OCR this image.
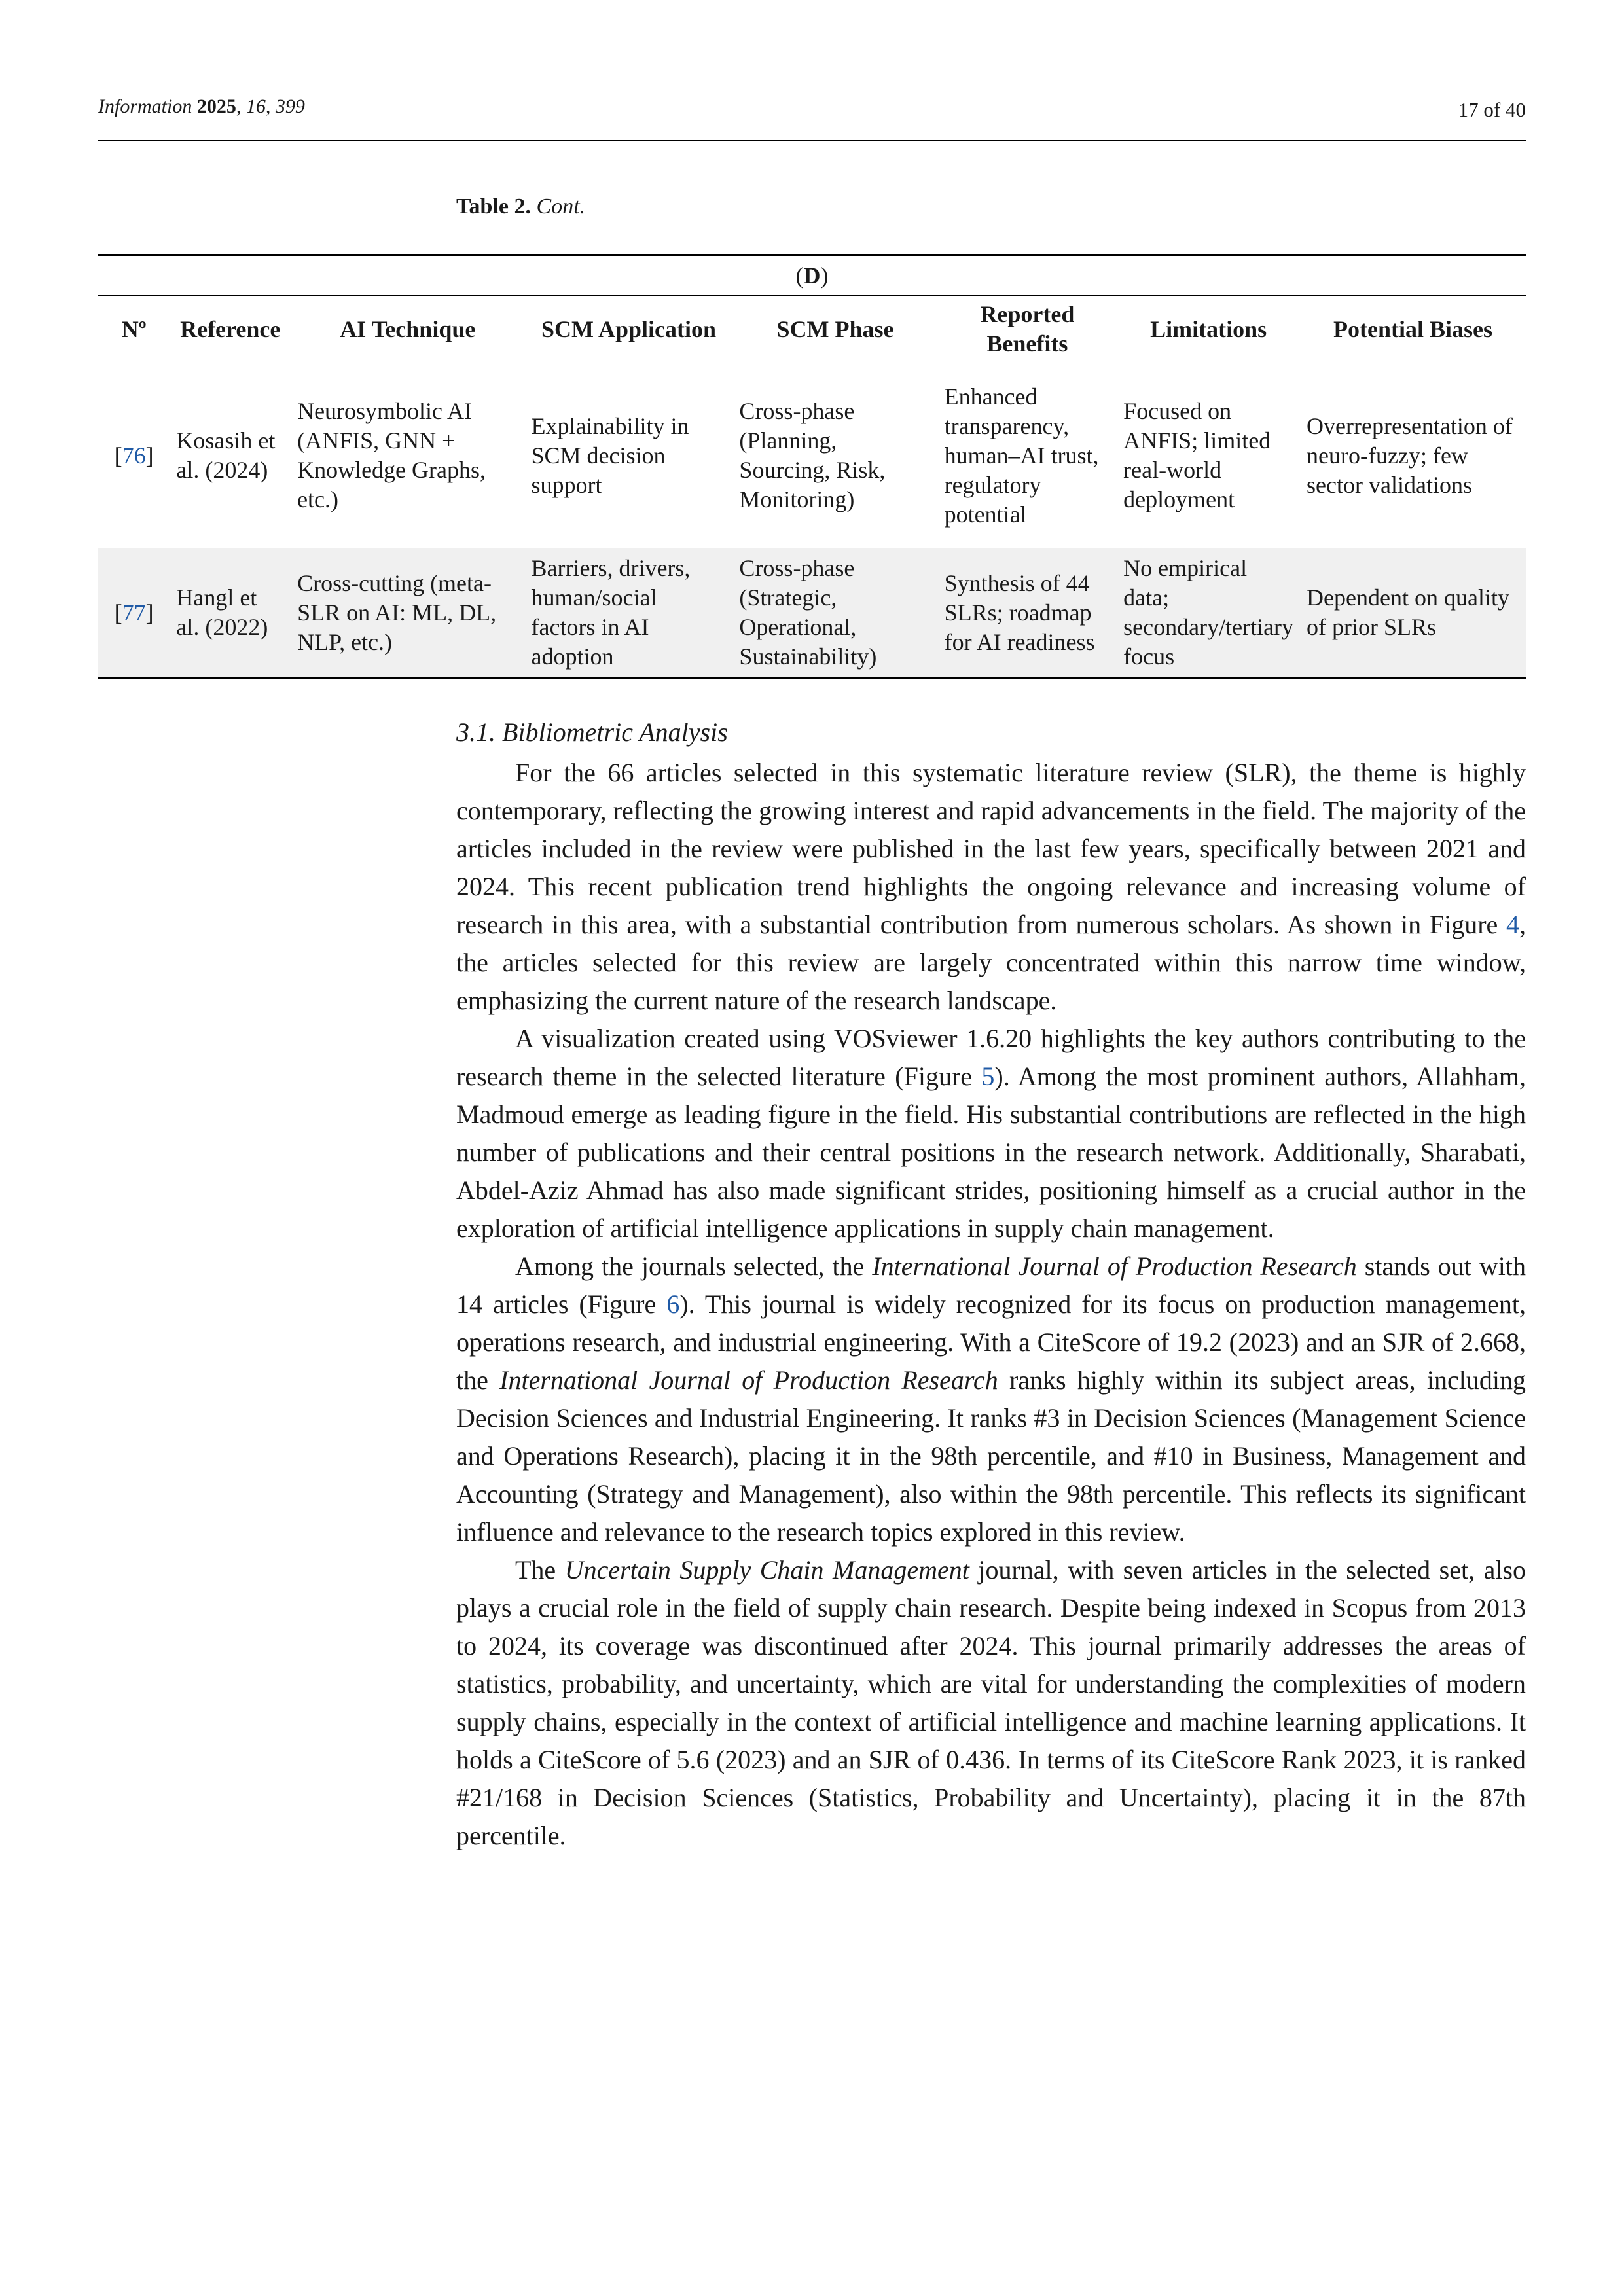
Information 2025, 16, 399	17 of 40
Table 2. Cont.
(D)							
Nº	Reference	AI Technique	SCM Application	SCM Phase	Reported Benefits	Limitations	Potential Biases
[76]	Kosasih et al. (2024)	Neurosymbolic AI (ANFIS, GNN + Knowledge Graphs, etc.)	Explainability in SCM decision support	Cross-phase (Planning, Sourcing, Risk, Monitoring)	Enhanced transparency, human–AI trust, regulatory potential	Focused on ANFIS; limited real-world deployment	Overrepresentation of neuro-fuzzy; few sector validations
[77]	Hangl et al. (2022)	Cross-cutting (meta-SLR on AI: ML, DL, NLP, etc.)	Barriers, drivers, human/social factors in AI adoption	Cross-phase (Strategic, Operational, Sustainability)	Synthesis of 44 SLRs; roadmap for AI readiness	No empirical data; secondary/tertiary focus	Dependent on quality of prior SLRs
3.1. Bibliometric Analysis

For the 66 articles selected in this systematic literature review (SLR), the theme is highly contemporary, reflecting the growing interest and rapid advancements in the field. The majority of the articles included in the review were published in the last few years, specifically between 2021 and 2024. This recent publication trend highlights the ongoing relevance and increasing volume of research in this area, with a substantial contribution from numerous scholars. As shown in Figure 4, the articles selected for this review are largely concentrated within this narrow time window, emphasizing the current nature of the research landscape.

A visualization created using VOSviewer 1.6.20 highlights the key authors contributing to the research theme in the selected literature (Figure 5). Among the most prominent authors, Allahham, Madmoud emerge as leading figure in the field. His substantial contributions are reflected in the high number of publications and their central positions in the research network. Additionally, Sharabati, Abdel-Aziz Ahmad has also made significant strides, positioning himself as a crucial author in the exploration of artificial intelligence applications in supply chain management.

Among the journals selected, the International Journal of Production Research stands out with 14 articles (Figure 6). This journal is widely recognized for its focus on production management, operations research, and industrial engineering. With a CiteScore of 19.2 (2023) and an SJR of 2.668, the International Journal of Production Research ranks highly within its subject areas, including Decision Sciences and Industrial Engineering. It ranks #3 in Decision Sciences (Management Science and Operations Research), placing it in the 98th percentile, and #10 in Business, Management and Accounting (Strategy and Management), also within the 98th percentile. This reflects its significant influence and relevance to the research topics explored in this review.

The Uncertain Supply Chain Management journal, with seven articles in the selected set, also plays a crucial role in the field of supply chain research. Despite being indexed in Scopus from 2013 to 2024, its coverage was discontinued after 2024. This journal primarily addresses the areas of statistics, probability, and uncertainty, which are vital for understanding the complexities of modern supply chains, especially in the context of artificial intelligence and machine learning applications. It holds a CiteScore of 5.6 (2023) and an SJR of 0.436. In terms of its CiteScore Rank 2023, it is ranked #21/168 in Decision Sciences (Statistics, Probability and Uncertainty), placing it in the 87th percentile.
